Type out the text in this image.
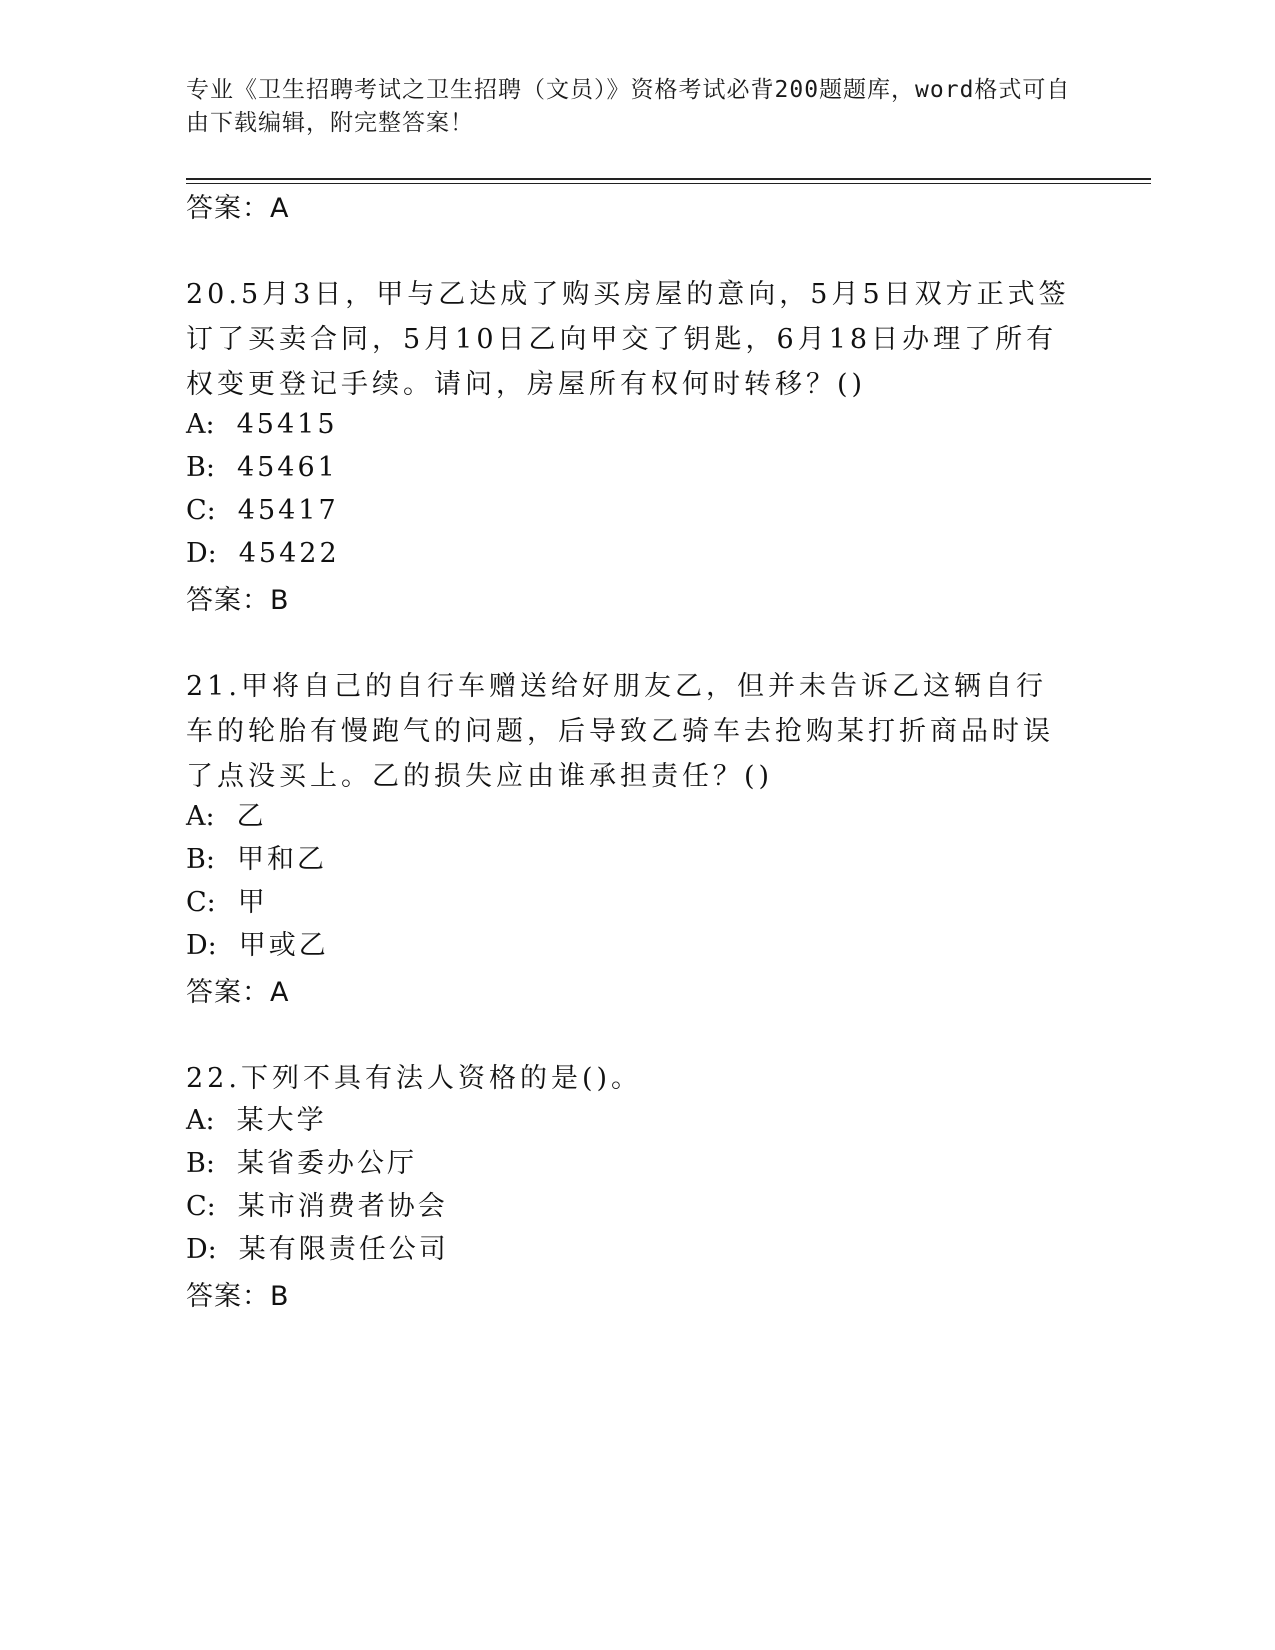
专业《卫生招聘考试之卫生招聘（文员）》资格考试必背200题题库，word格式可自由下载编辑，附完整答案！
答案：A
20.5月3日，甲与乙达成了购买房屋的意向，5月5日双方正式签订了买卖合同，5月10日乙向甲交了钥匙，6月18日办理了所有权变更登记手续。请问，房屋所有权何时转移？()
A: 45415
B: 45461
C: 45417
D: 45422
答案：B
21.甲将自己的自行车赠送给好朋友乙，但并未告诉乙这辆自行车的轮胎有慢跑气的问题，后导致乙骑车去抢购某打折商品时误了点没买上。乙的损失应由谁承担责任？()
A: 乙
B: 甲和乙
C: 甲
D: 甲或乙
答案：A
22.下列不具有法人资格的是()。
A: 某大学
B: 某省委办公厅
C: 某市消费者协会
D: 某有限责任公司
答案：B
